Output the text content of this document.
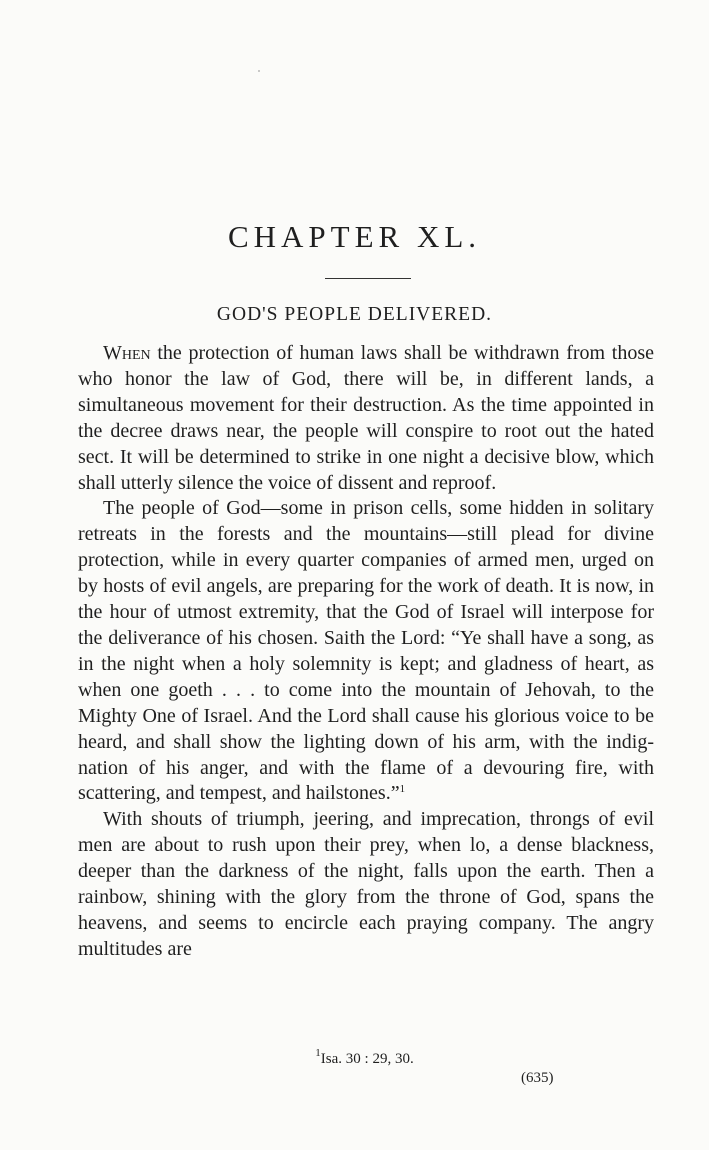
CHAPTER XL.
GOD'S PEOPLE DELIVERED.

When the protection of human laws shall be withdrawn from those who honor the law of God, there will be, in different lands, a simultaneous movement for their destruction. As the time appointed in the decree draws near, the people will conspire to root out the hated sect. It will be determined to strike in one night a decisive blow, which shall utterly silence the voice of dissent and reproof.

The people of God—some in prison cells, some hidden in solitary retreats in the forests and the mountains—still plead for divine protection, while in every quarter companies of armed men, urged on by hosts of evil angels, are preparing for the work of death. It is now, in the hour of utmost extremity, that the God of Israel will interpose for the deliverance of his chosen. Saith the Lord: “Ye shall have a song, as in the night when a holy solemnity is kept; and gladness of heart, as when one goeth . . . to come into the mountain of Jehovah, to the Mighty One of Israel. And the Lord shall cause his glorious voice to be heard, and shall show the lighting down of his arm, with the indignation of his anger, and with the flame of a devouring fire, with scattering, and tempest, and hailstones.”$^1$

With shouts of triumph, jeering, and imprecation, throngs of evil men are about to rush upon their prey, when lo, a dense blackness, deeper than the darkness of the night, falls upon the earth. Then a rainbow, shining with the glory from the throne of God, spans the heavens, and seems to encircle each praying company. The angry multitudes are

$^1$Isa. 30 : 29, 30.
(635)
